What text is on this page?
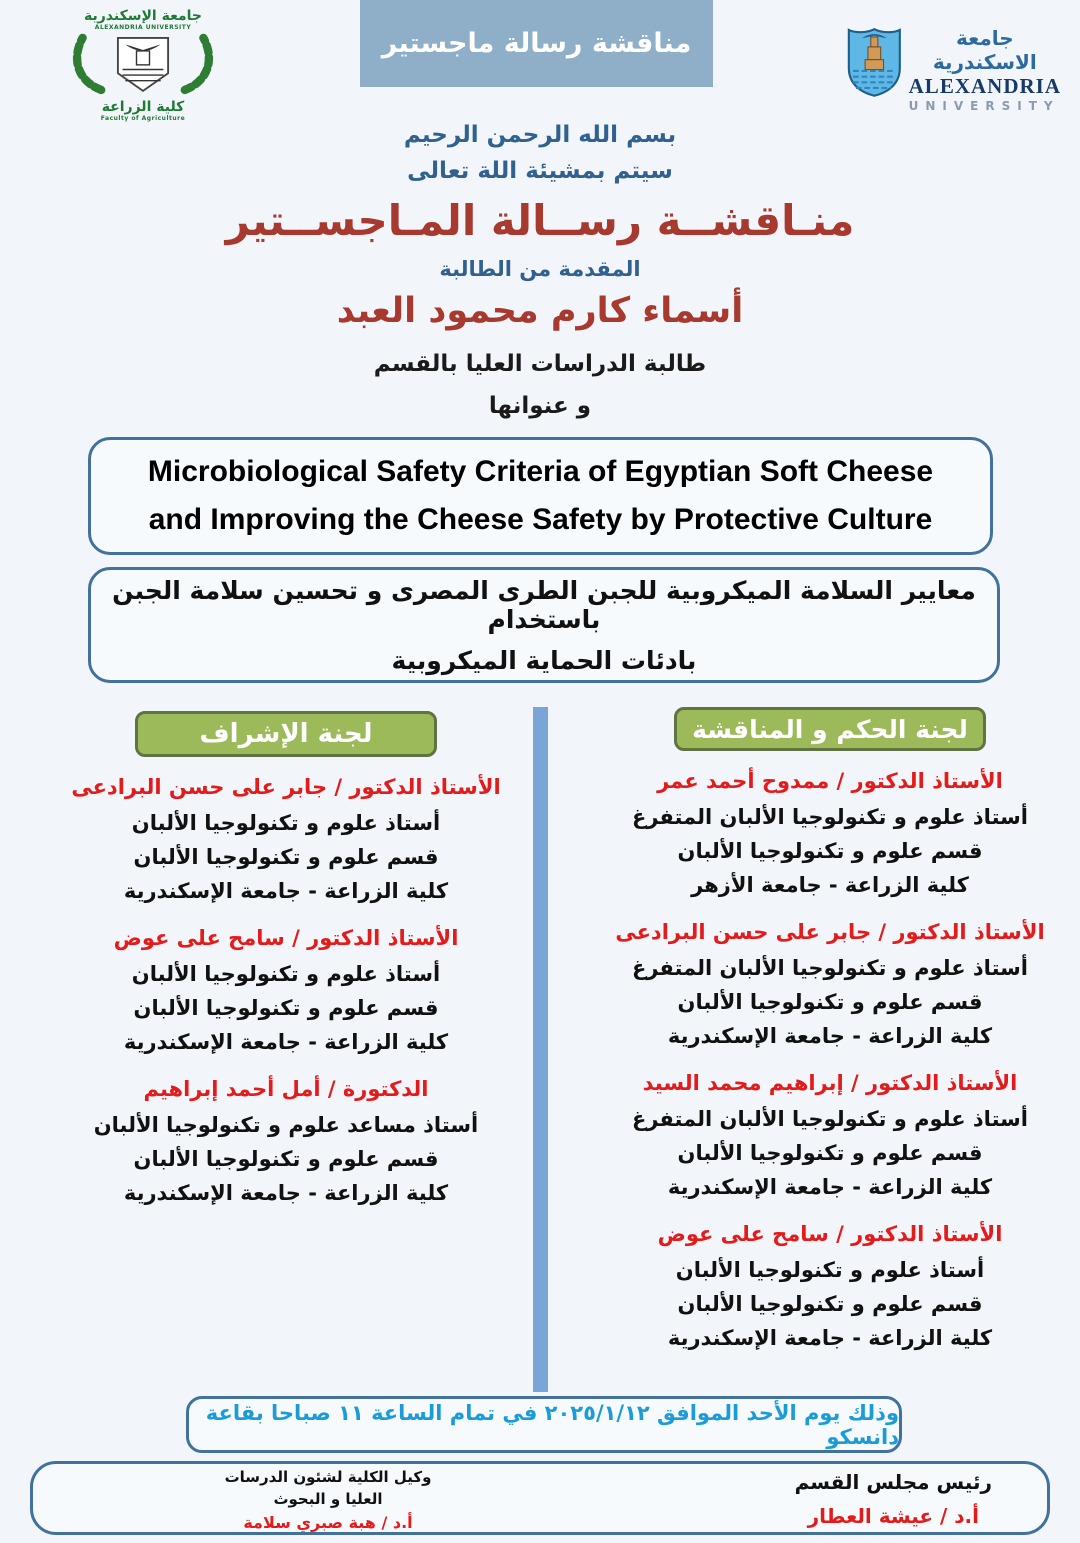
مناقشة رسالة ماجستير
جامعة الإسكندرية
ALEXANDRIA UNIVERSITY
كلية الزراعة
Faculty of Agriculture
جامعة الاسكندرية
ALEXANDRIA
UNIVERSITY
بسم الله الرحمن الرحيم
سيتم بمشيئة اللة تعالى
منـاقشــة رســالة المـاجســتير
المقدمة من الطالبة
أسماء كارم محمود العبد
طالبة الدراسات العليا بالقسم
و عنوانها
Microbiological Safety Criteria of Egyptian Soft Cheese
and Improving the Cheese Safety by Protective Culture
معايير السلامة الميكروبية للجبن الطرى المصرى و تحسين سلامة الجبن باستخدام
بادئات الحماية الميكروبية
لجنة الإشراف
الأستاذ الدكتور / جابر على حسن البرادعى
أستاذ علوم و تكنولوجيا الألبان
قسم علوم و تكنولوجيا الألبان
كلية الزراعة - جامعة الإسكندرية
الأستاذ الدكتور / سامح على عوض
أستاذ علوم و تكنولوجيا الألبان
قسم علوم و تكنولوجيا الألبان
كلية الزراعة - جامعة الإسكندرية
الدكتورة / أمل أحمد إبراهيم
أستاذ مساعد علوم و تكنولوجيا الألبان
قسم علوم و تكنولوجيا الألبان
كلية الزراعة - جامعة الإسكندرية
لجنة الحكم و المناقشة
الأستاذ الدكتور / ممدوح أحمد عمر
أستاذ علوم و تكنولوجيا الألبان المتفرغ
قسم علوم و تكنولوجيا الألبان
كلية الزراعة - جامعة الأزهر
الأستاذ الدكتور / جابر على حسن البرادعى
أستاذ علوم و تكنولوجيا الألبان المتفرغ
قسم علوم و تكنولوجيا الألبان
كلية الزراعة - جامعة الإسكندرية
الأستاذ الدكتور / إبراهيم محمد السيد
أستاذ علوم و تكنولوجيا الألبان المتفرغ
قسم علوم و تكنولوجيا الألبان
كلية الزراعة - جامعة الإسكندرية
الأستاذ الدكتور / سامح على عوض
أستاذ علوم و تكنولوجيا الألبان
قسم علوم و تكنولوجيا الألبان
كلية الزراعة - جامعة الإسكندرية
وذلك يوم الأحد الموافق ٢٠٢٥/١/١٢ في تمام الساعة ١١ صباحا بقاعة دانسكو
رئيس مجلس القسم
أ.د / عيشة العطار
وكيل الكلية لشئون الدرسات
العليا و البحوث
أ.د / هبة صبري سلامة
